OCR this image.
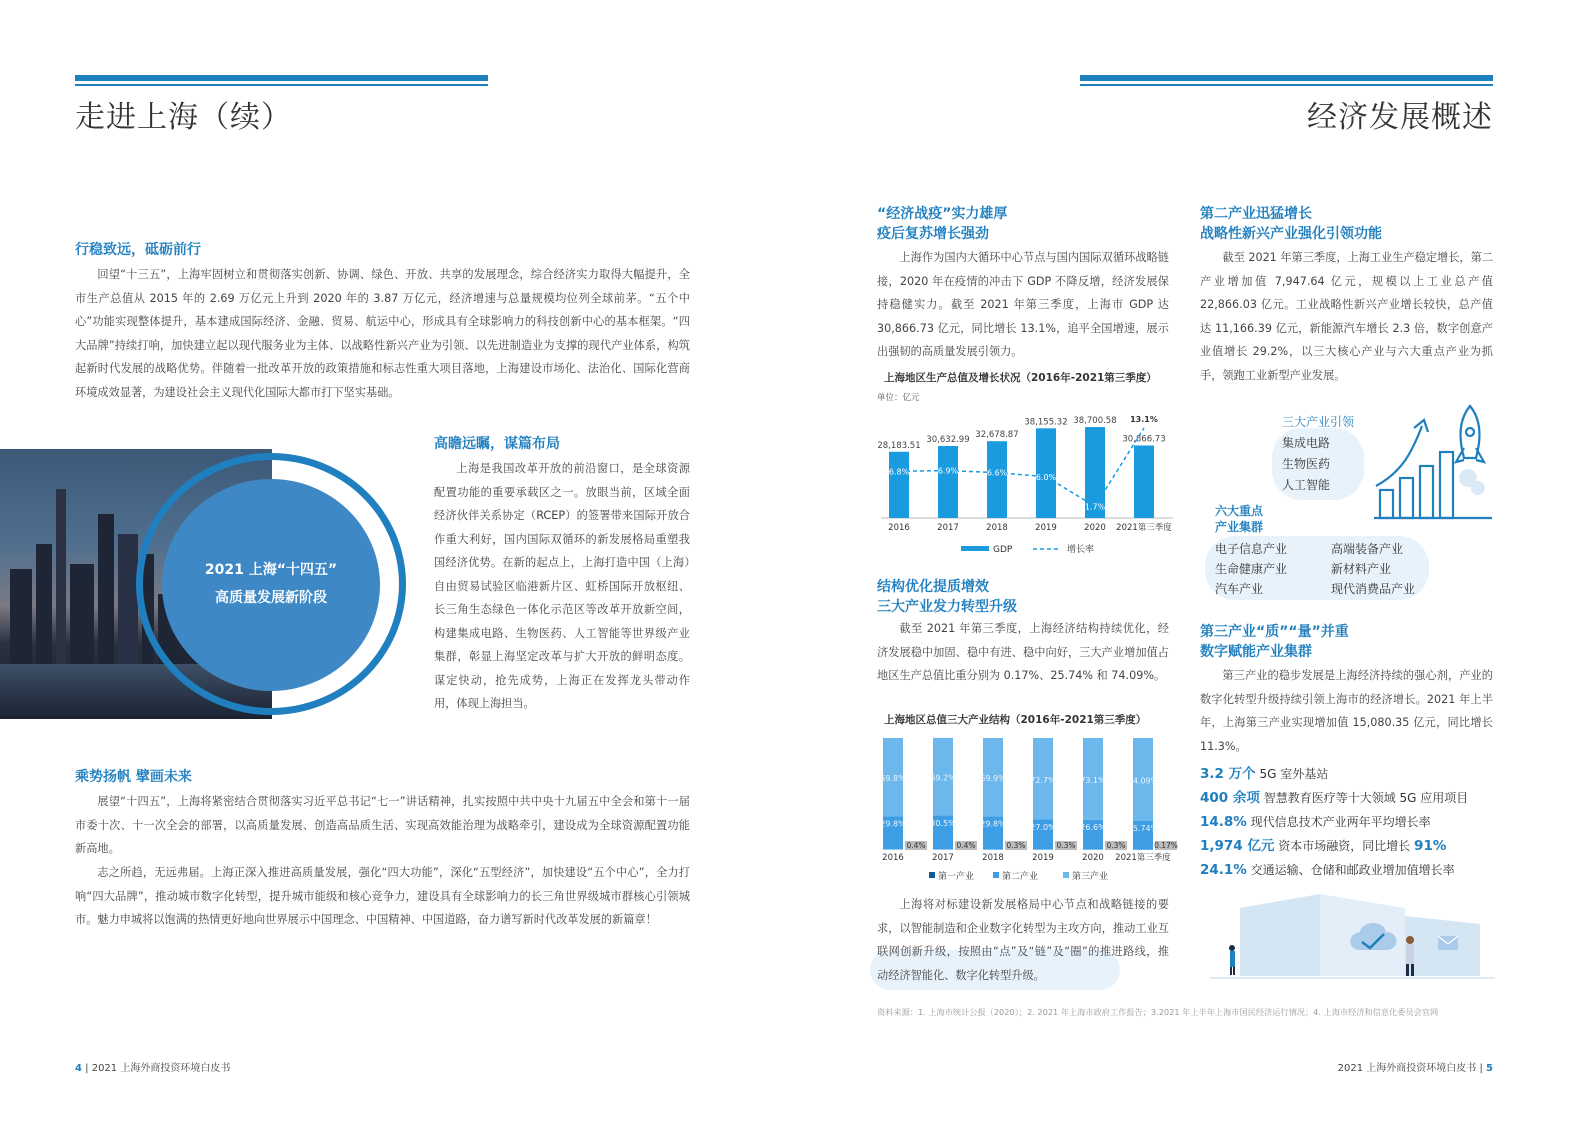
走进上海（续）
行稳致远，砥砺前行
回望“十三五”，上海牢固树立和贯彻落实创新、协调、绿色、开放、共享的发展理念，综合经济实力取得大幅提升，全市生产总值从 2015 年的 2.69 万亿元上升到 2020 年的 3.87 万亿元，经济增速与总量规模均位列全球前茅。“五个中心”功能实现整体提升，基本建成国际经济、金融、贸易、航运中心，形成具有全球影响力的科技创新中心的基本框架。“四大品牌”持续打响，加快建立起以现代服务业为主体、以战略性新兴产业为引领、以先进制造业为支撑的现代产业体系，构筑起新时代发展的战略优势。伴随着一批改革开放的政策措施和标志性重大项目落地，上海建设市场化、法治化、国际化营商环境成效显著，为建设社会主义现代化国际大都市打下坚实基础。
2021 上海“十四五”
高质量发展新阶段
高瞻远瞩，谋篇布局
上海是我国改革开放的前沿窗口，是全球资源配置功能的重要承载区之一。放眼当前，区域全面经济伙伴关系协定（RCEP）的签署带来国际开放合作重大利好，国内国际双循环的新发展格局重塑我国经济优势。在新的起点上，上海打造中国（上海）自由贸易试验区临港新片区、虹桥国际开放枢纽、长三角生态绿色一体化示范区等改革开放新空间，构建集成电路、生物医药、人工智能等世界级产业集群，彰显上海坚定改革与扩大开放的鲜明态度。谋定快动，抢先成势，上海正在发挥龙头带动作用，体现上海担当。
乘势扬帆 擘画未来
展望“十四五”，上海将紧密结合贯彻落实习近平总书记“七一”讲话精神，扎实按照中共中央十九届五中全会和第十一届市委十次、十一次全会的部署，以高质量发展、创造高品质生活、实现高效能治理为战略牵引，建设成为全球资源配置功能新高地。
志之所趋，无远弗届。上海正深入推进高质量发展，强化“四大功能”，深化“五型经济”，加快建设“五个中心”，全力打响“四大品牌”，推动城市数字化转型，提升城市能级和核心竞争力，建设具有全球影响力的长三角世界级城市群核心引领城市。魅力申城将以饱满的热情更好地向世界展示中国理念、中国精神、中国道路，奋力谱写新时代改革发展的新篇章！
4 | 2021 上海外商投资环境白皮书
经济发展概述
“经济战疫”实力雄厚
疫后复苏增长强劲
上海作为国内大循环中心节点与国内国际双循环战略链接，2020 年在疫情的冲击下 GDP 不降反增，经济发展保持稳健实力。截至 2021 年第三季度，上海市 GDP 达 30,866.73 亿元，同比增长 13.1%，追平全国增速，展示出强韧的高质量发展引领力。
上海地区生产总值及增长状况（2016年-2021第三季度）
单位：亿元
28,183.51
2016
30,632.99
2017
32,678.87
2018
38,155.32
2019
38,700.58
2020
30,866.73
2021第三季度
6.8%	6.9%	6.6%	6.0%
1.7%
13.1%
GDP	增长率
结构优化提质增效
三大产业发力转型升级
截至 2021 年第三季度，上海经济结构持续优化，经济发展稳中加固、稳中有进、稳中向好，三大产业增加值占地区生产总值比重分别为 0.17%、25.74% 和 74.09%。
上海地区总值三大产业结构（2016年-2021第三季度）
0.4%
29.8%
69.8%
2016
0.4%
30.5%
69.2%
2017
0.3%
29.8%
69.9%
2018
0.3%
27.0%
72.7%
2019
0.3%
26.6%
73.1%
2020
0.17%
25.74%
74.09%
2021第三季度
第一产业	第二产业	第三产业
上海将对标建设新发展格局中心节点和战略链接的要求，以智能制造和企业数字化转型为主攻方向，推动工业互联网创新升级，按照由“点”及“链”及“圈”的推进路线，推动经济智能化、数字化转型升级。
第二产业迅猛增长
战略性新兴产业强化引领功能
截至 2021 年第三季度，上海工业生产稳定增长，第二产业增加值 7,947.64 亿元，规模以上工业总产值 22,866.03 亿元。工业战略性新兴产业增长较快，总产值达 11,166.39 亿元，新能源汽车增长 2.3 倍，数字创意产业值增长 29.2%，以三大核心产业与六大重点产业为抓手，领跑工业新型产业发展。
三大产业引领
集成电路
生物医药
人工智能
六大重点
产业集群
电子信息产业	高端装备产业
生命健康产业	新材料产业
汽车产业	现代消费品产业
第三产业“质”“量”并重
数字赋能产业集群
第三产业的稳步发展是上海经济持续的强心剂，产业的数字化转型升级持续引领上海市的经济增长。2021 年上半年，上海第三产业实现增加值 15,080.35 亿元，同比增长 11.3%。
3.2 万个 5G 室外基站
400 余项 智慧教育医疗等十大领域 5G 应用项目
14.8% 现代信息技术产业两年平均增长率
1,974 亿元 资本市场融资，同比增长 91%
24.1% 交通运输、仓储和邮政业增加值增长率
资料来源：1. 上海市统计公报（2020）；2. 2021 年上海市政府工作报告；3.2021 年上半年上海市国民经济运行情况；4. 上海市经济和信息化委员会官网
2021 上海外商投资环境白皮书 | 5
